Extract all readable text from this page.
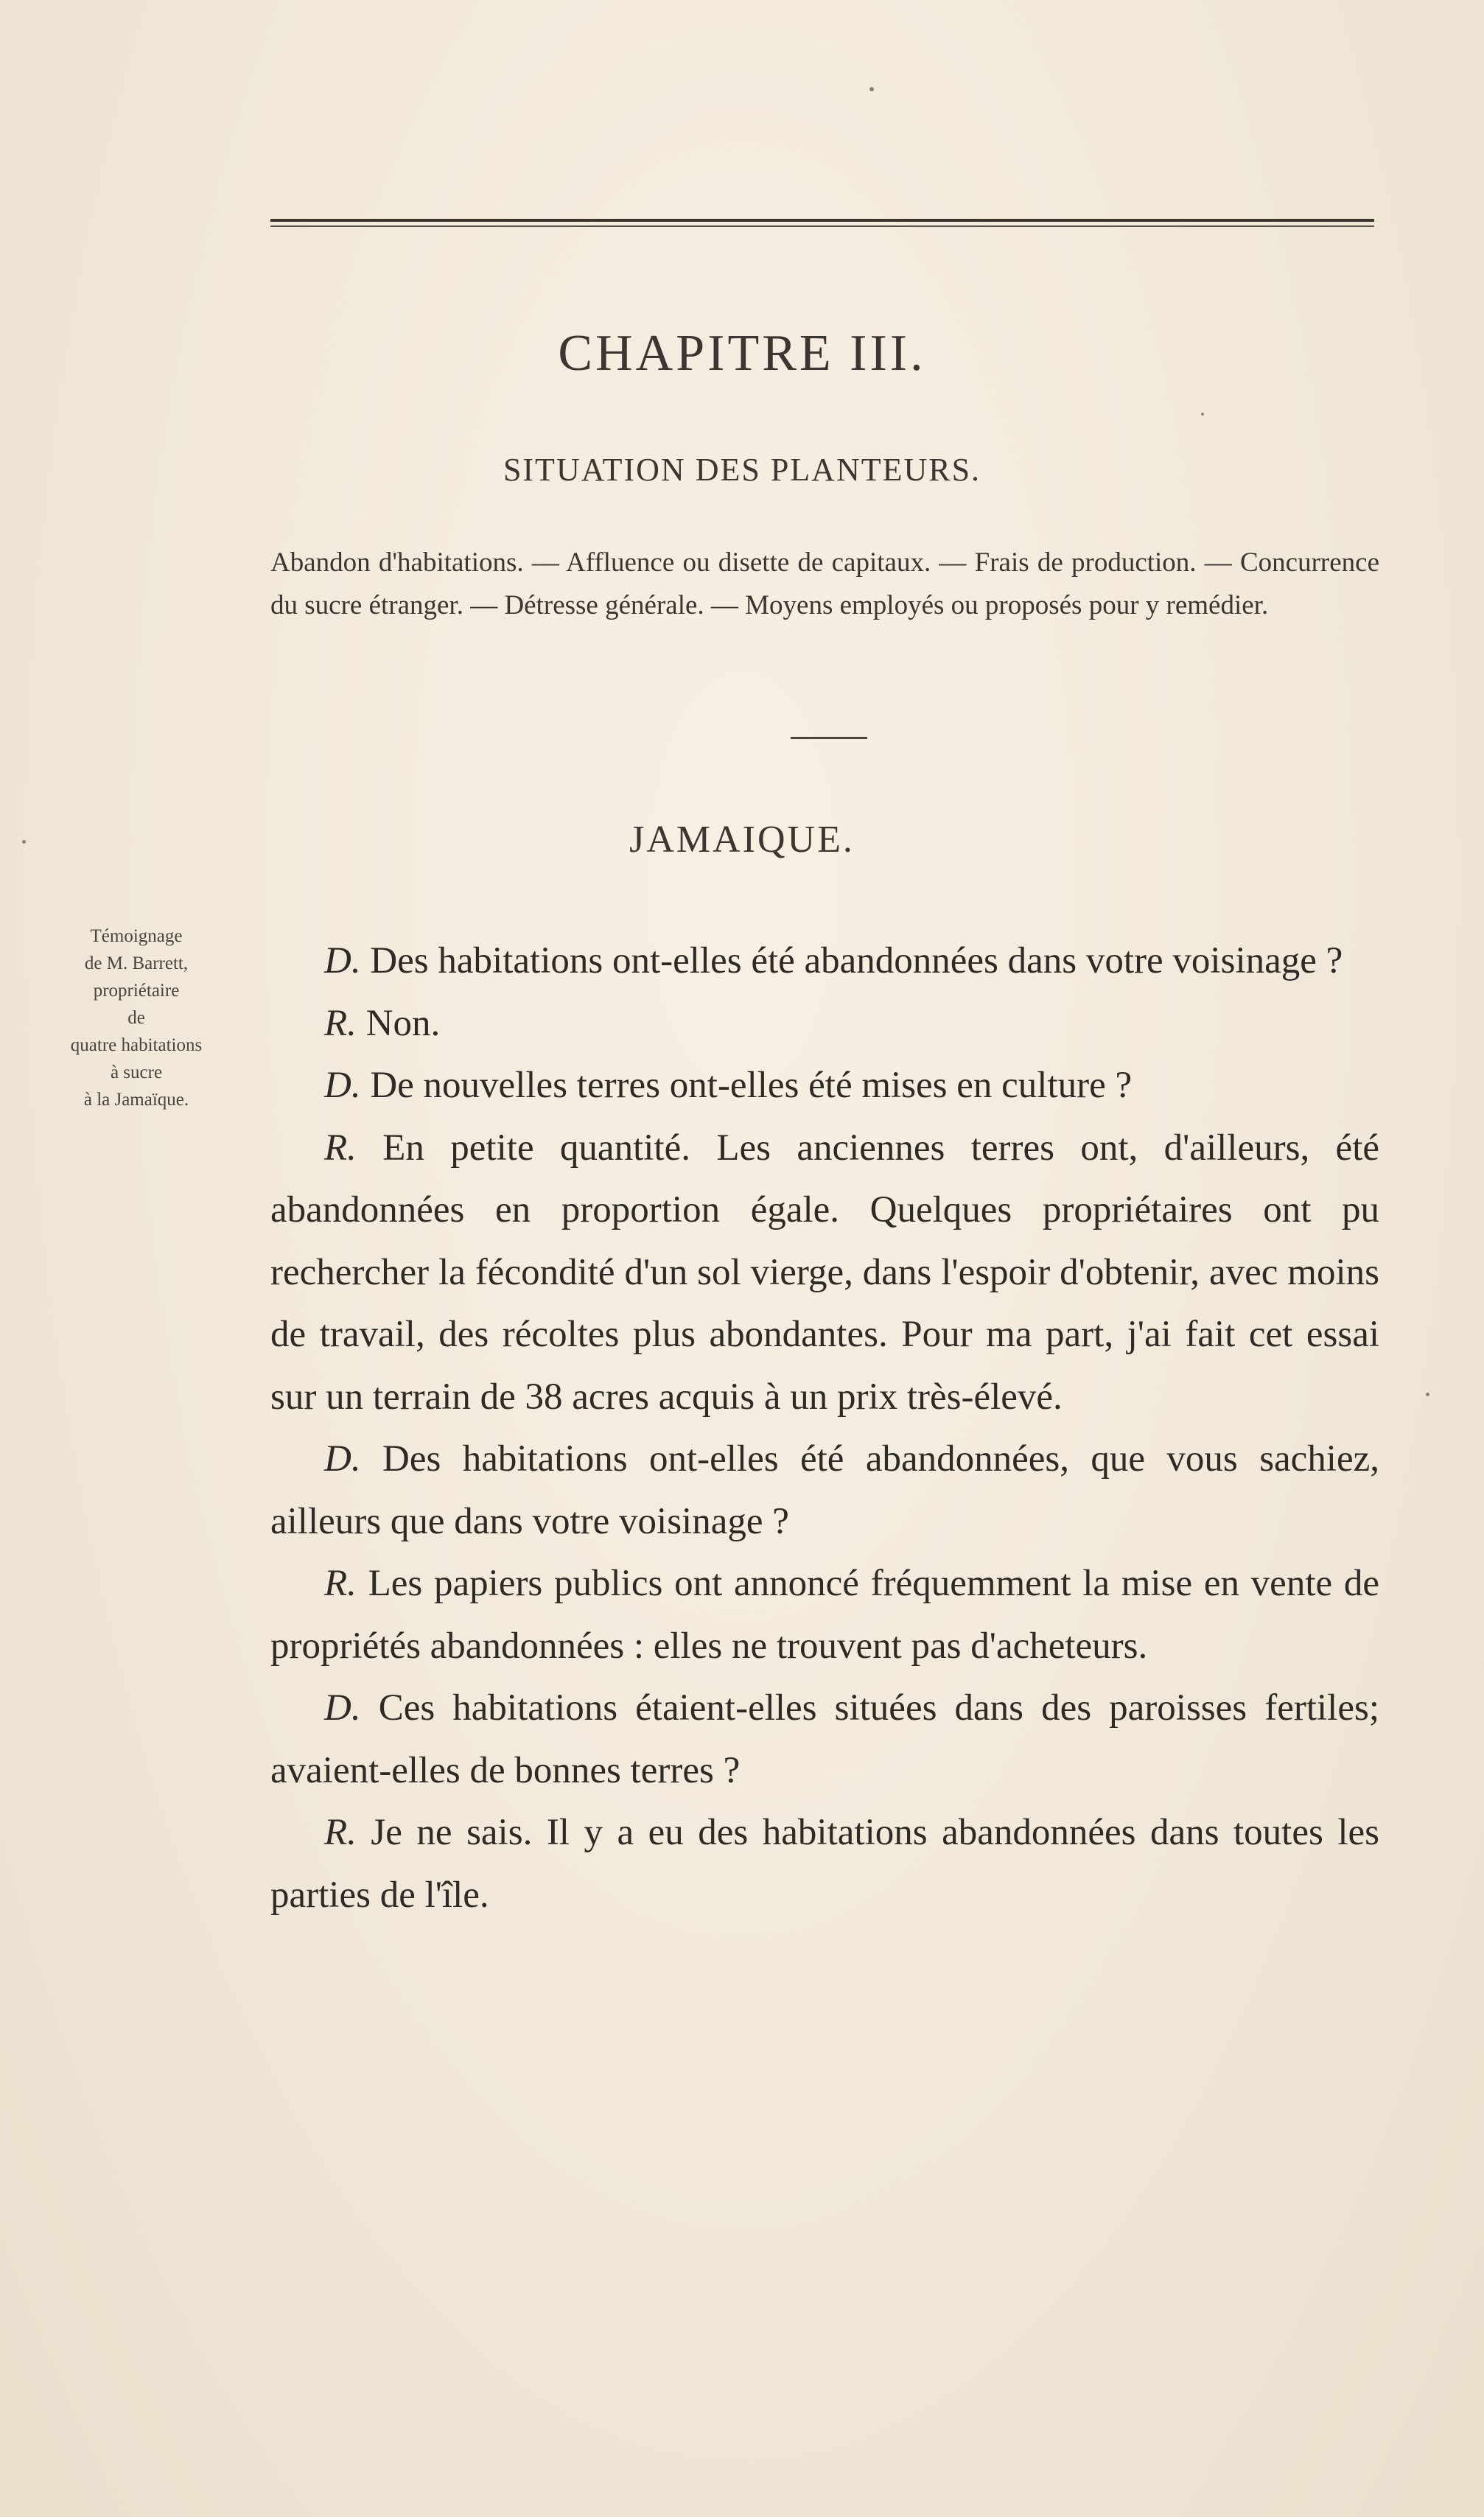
CHAPITRE III.
SITUATION DES PLANTEURS.
Abandon d'habitations. — Affluence ou disette de capitaux. — Frais de production. — Concurrence du sucre étranger. — Détresse générale. — Moyens employés ou proposés pour y remédier.
JAMAIQUE.
Témoignage
de M. Barrett,
propriétaire
de
quatre habitations
à sucre
à la Jamaïque.

D. Des habitations ont-elles été abandonnées dans votre voisinage ?

R. Non.

D. De nouvelles terres ont-elles été mises en culture ?

R. En petite quantité. Les anciennes terres ont, d'ailleurs, été abandonnées en proportion égale. Quelques propriétaires ont pu rechercher la fécondité d'un sol vierge, dans l'espoir d'obtenir, avec moins de travail, des récoltes plus abondantes. Pour ma part, j'ai fait cet essai sur un terrain de 38 acres acquis à un prix très-élevé.

D. Des habitations ont-elles été abandonnées, que vous sachiez, ailleurs que dans votre voisinage ?

R. Les papiers publics ont annoncé fréquemment la mise en vente de propriétés abandonnées : elles ne trouvent pas d'acheteurs.

D. Ces habitations étaient-elles situées dans des paroisses fertiles; avaient-elles de bonnes terres ?

R. Je ne sais. Il y a eu des habitations abandonnées dans toutes les parties de l'île.
